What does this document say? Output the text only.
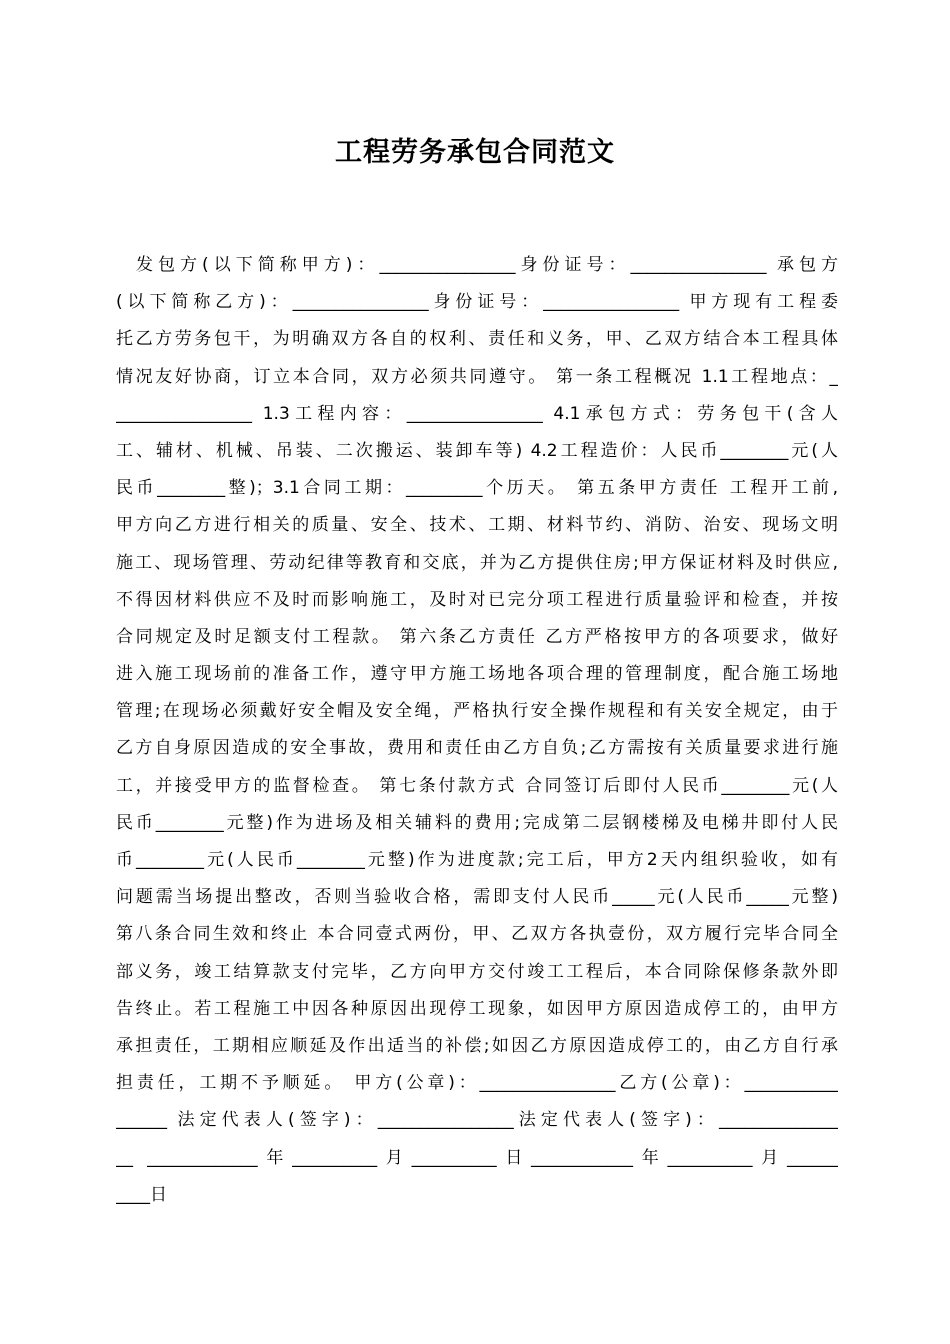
工程劳务承包合同范文
发包方(以下简称甲方)：________________身份证号：________________ 承包方
(以下简称乙方)：________________身份证号：________________ 甲方现有工程委
托乙方劳务包干，为明确双方各自的权利、责任和义务，甲、乙双方结合本工程具体
情况友好协商，订立本合同，双方必须共同遵守。 第一条工程概况 1.1工程地点：_
________________ 1.3工程内容：________________ 4.1承包方式：劳务包干(含人
工、辅材、机械、吊装、二次搬运、装卸车等) 4.2工程造价：人民币________元(人
民币________整)；3.1合同工期：_________个历天。 第五条甲方责任 工程开工前,
甲方向乙方进行相关的质量、安全、技术、工期、材料节约、消防、治安、现场文明
施工、现场管理、劳动纪律等教育和交底，并为乙方提供住房;甲方保证材料及时供应,
不得因材料供应不及时而影响施工，及时对已完分项工程进行质量验评和检查，并按
合同规定及时足额支付工程款。 第六条乙方责任 乙方严格按甲方的各项要求，做好
进入施工现场前的准备工作，遵守甲方施工场地各项合理的管理制度，配合施工场地
管理;在现场必须戴好安全帽及安全绳，严格执行安全操作规程和有关安全规定，由于
乙方自身原因造成的安全事故，费用和责任由乙方自负;乙方需按有关质量要求进行施
工，并接受甲方的监督检查。 第七条付款方式 合同签订后即付人民币________元(人
民币________元整)作为进场及相关辅料的费用;完成第二层钢楼梯及电梯井即付人民
币________元(人民币________元整)作为进度款;完工后，甲方2天内组织验收，如有
问题需当场提出整改，否则当验收合格，需即支付人民币_____元(人民币_____元整)
第八条合同生效和终止 本合同壹式两份，甲、乙双方各执壹份，双方履行完毕合同全
部义务，竣工结算款支付完毕，乙方向甲方交付竣工工程后，本合同除保修条款外即
告终止。若工程施工中因各种原因出现停工现象，如因甲方原因造成停工的，由甲方
承担责任，工期相应顺延及作出适当的补偿;如因乙方原因造成停工的，由乙方自行承
担责任，工期不予顺延。 甲方(公章)：________________乙方(公章)：___________
______ 法定代表人(签字)：________________法定代表人(签字)：______________
__ _____________年__________月__________日____________年__________月______
____日
